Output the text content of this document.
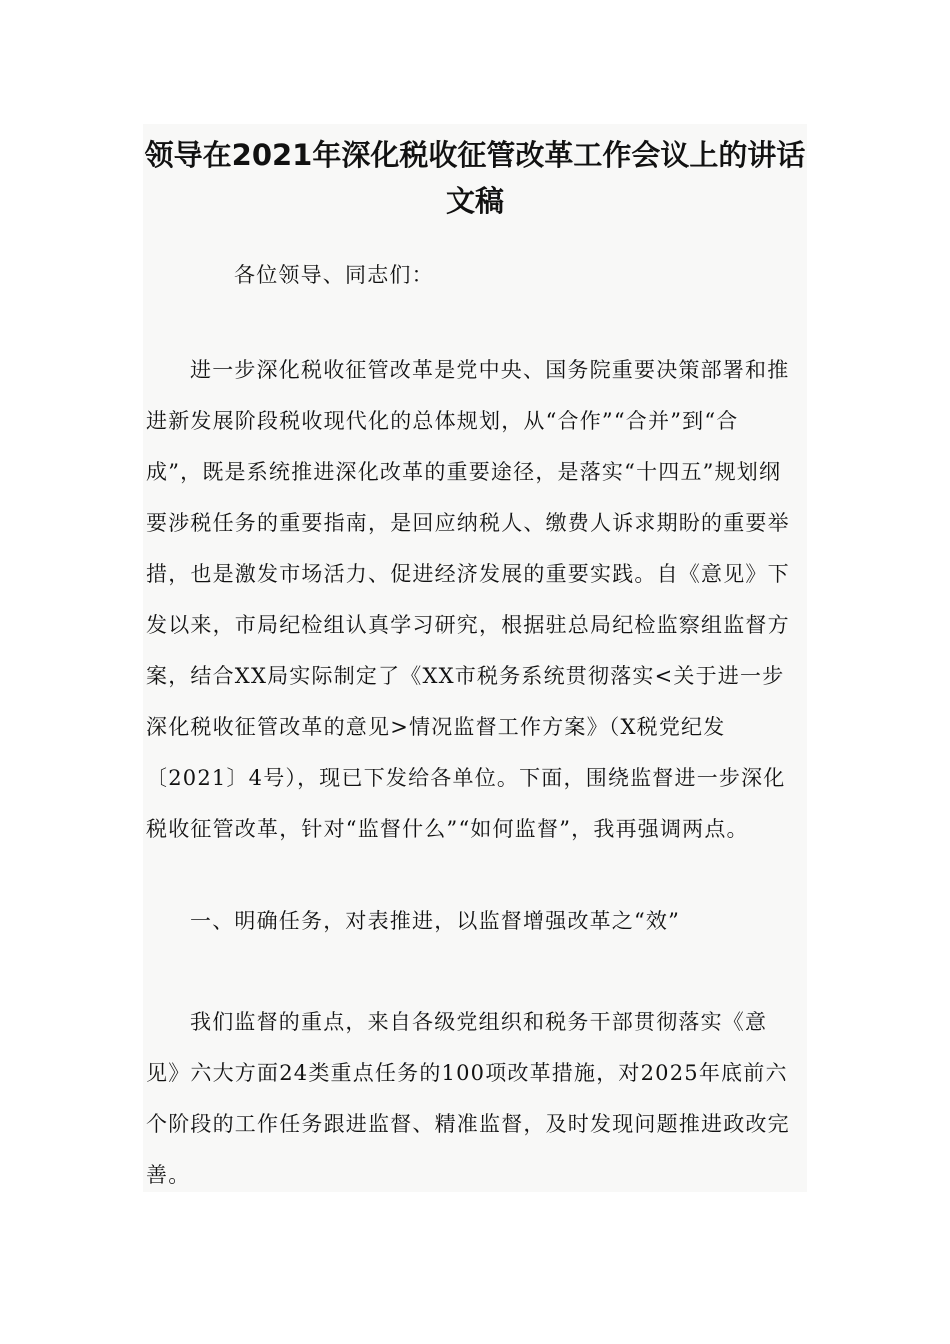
领导在2021年深化税收征管改革工作会议上的讲话
文稿

各位领导、同志们：

进一步深化税收征管改革是党中央、国务院重要决策部署和推进新发展阶段税收现代化的总体规划，从“合作”“合并”到“合成”，既是系统推进深化改革的重要途径，是落实“十四五”规划纲要涉税任务的重要指南，是回应纳税人、缴费人诉求期盼的重要举措，也是激发市场活力、促进经济发展的重要实践。自《意见》下发以来，市局纪检组认真学习研究，根据驻总局纪检监察组监督方案，结合XX局实际制定了《XX市税务系统贯彻落实<关于进一步深化税收征管改革的意见>情况监督工作方案》（X税党纪发〔2021〕4号），现已下发给各单位。下面，围绕监督进一步深化税收征管改革，针对“监督什么”“如何监督”，我再强调两点。

一、明确任务，对表推进，以监督增强改革之“效”

我们监督的重点，来自各级党组织和税务干部贯彻落实《意见》六大方面24类重点任务的100项改革措施，对2025年底前六个阶段的工作任务跟进监督、精准监督，及时发现问题推进政改完善。
